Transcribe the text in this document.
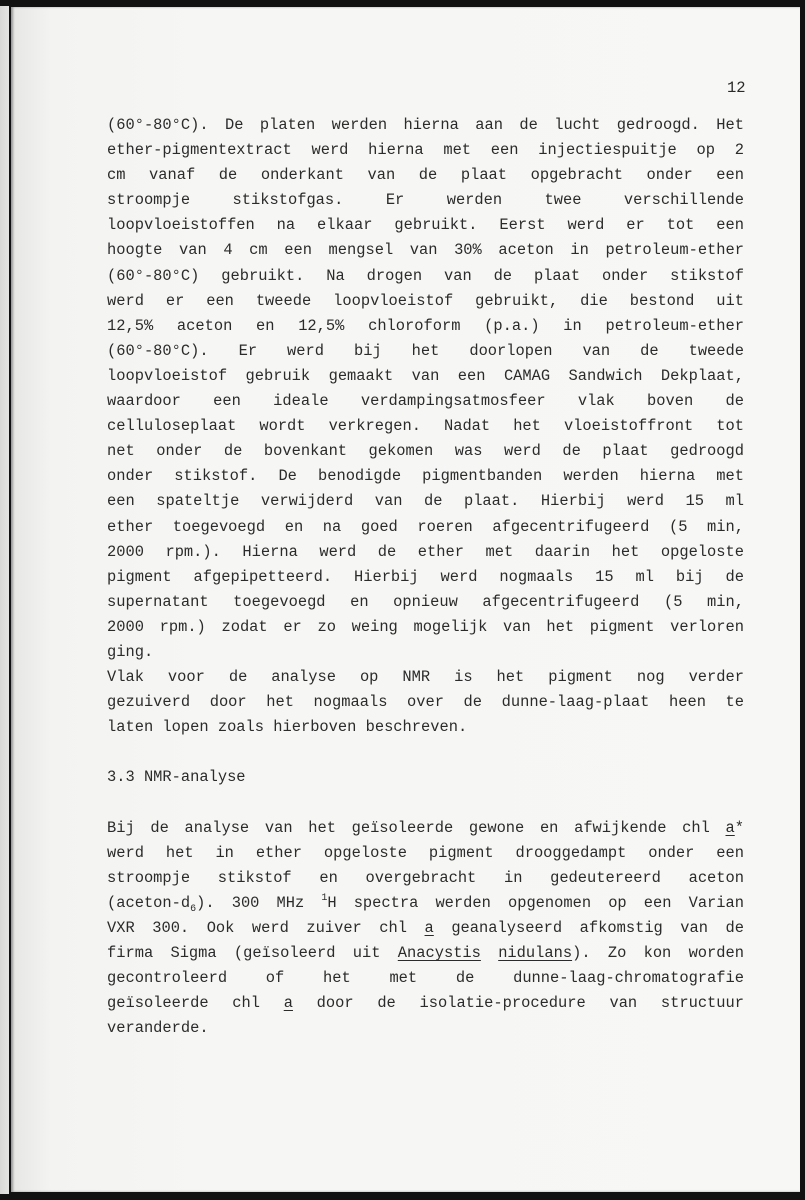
12
(60°-80°C). De platen werden hierna aan de lucht gedroogd. Het
ether-pigmentextract werd hierna met een injectiespuitje op 2
cm vanaf de onderkant van de plaat opgebracht onder een
stroompje stikstofgas. Er werden twee verschillende
loopvloeistoffen na elkaar gebruikt. Eerst werd er tot een
hoogte van 4 cm een mengsel van 30% aceton in petroleum-ether
(60°-80°C) gebruikt. Na drogen van de plaat onder stikstof
werd er een tweede loopvloeistof gebruikt, die bestond uit
12,5% aceton en 12,5% chloroform (p.a.) in petroleum-ether
(60°-80°C). Er werd bij het doorlopen van de tweede
loopvloeistof gebruik gemaakt van een CAMAG Sandwich Dekplaat,
waardoor een ideale verdampingsatmosfeer vlak boven de
celluloseplaat wordt verkregen. Nadat het vloeistoffront tot
net onder de bovenkant gekomen was werd de plaat gedroogd
onder stikstof. De benodigde pigmentbanden werden hierna met
een spateltje verwijderd van de plaat. Hierbij werd 15 ml
ether toegevoegd en na goed roeren afgecentrifugeerd (5 min,
2000 rpm.). Hierna werd de ether met daarin het opgeloste
pigment afgepipetteerd. Hierbij werd nogmaals 15 ml bij de
supernatant toegevoegd en opnieuw afgecentrifugeerd (5 min,
2000 rpm.) zodat er zo weing mogelijk van het pigment verloren
ging.
Vlak voor de analyse op NMR is het pigment nog verder
gezuiverd door het nogmaals over de dunne-laag-plaat heen te
laten lopen zoals hierboven beschreven.
3.3 NMR-analyse
Bij de analyse van het geïsoleerde gewone en afwijkende chl a*
werd het in ether opgeloste pigment drooggedampt onder een
stroompje stikstof en overgebracht in gedeutereerd aceton
$(aceton-d_6)$. 300 MHz $^1$H spectra werden opgenomen op een Varian
VXR 300. Ook werd zuiver chl a geanalyseerd afkomstig van de
firma Sigma (geïsoleerd uit Anacystis nidulans). Zo kon worden
gecontroleerd of het met de dunne-laag-chromatografie
geïsoleerde chl a door de isolatie-procedure van structuur
veranderde.
